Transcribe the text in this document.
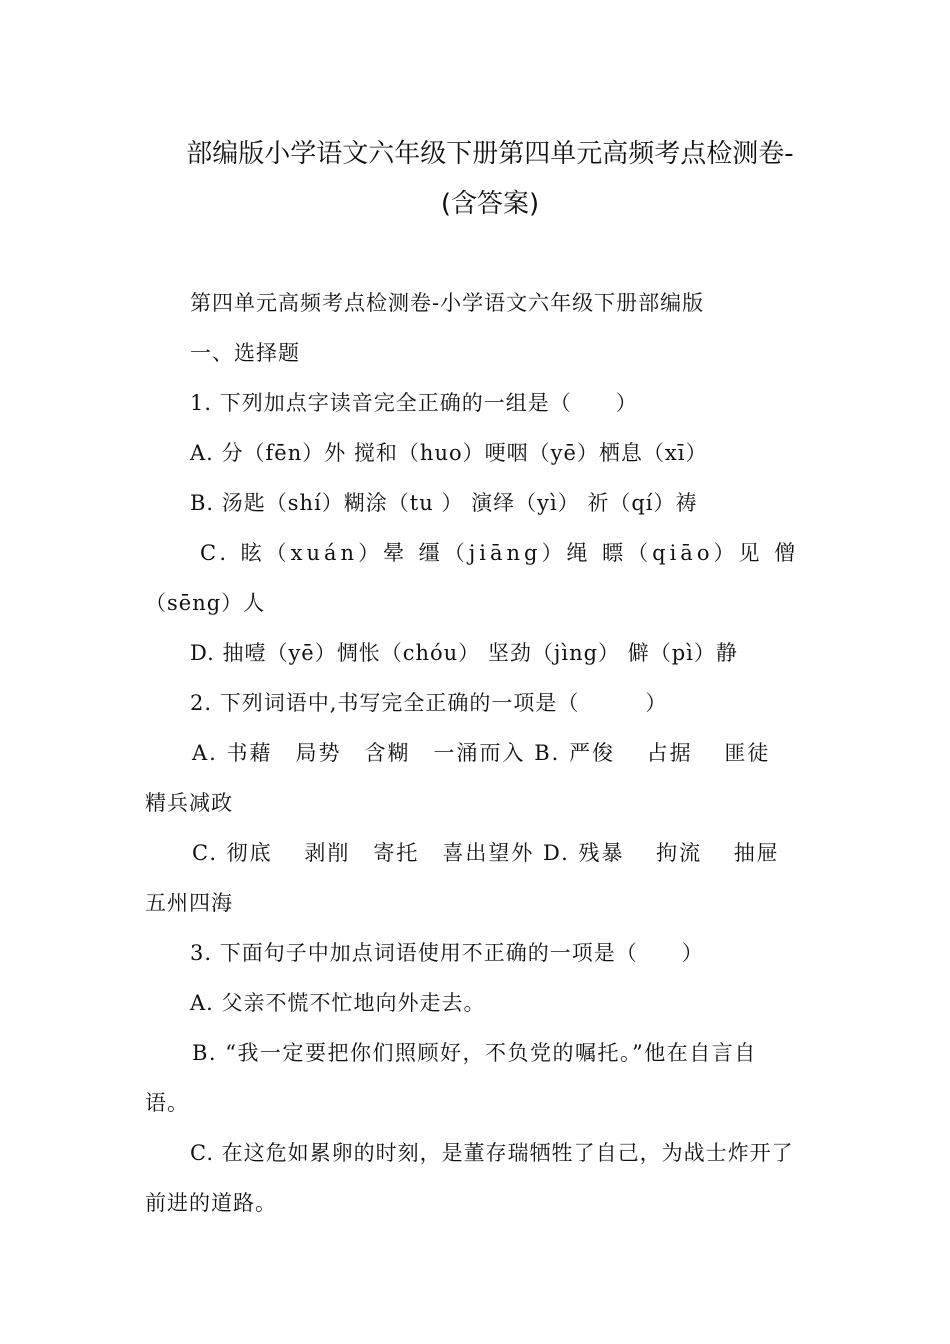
部编版小学语文六年级下册第四单元高频考点检测卷-
(含答案)
第四单元高频考点检测卷-小学语文六年级下册部编版
一、选择题
1. 下列加点字读音完全正确的一组是（　　）
A. 分（fēn）外 搅和（huo）哽咽（yē）栖息（xī）
B. 汤匙（shí）糊涂（tu ） 演绎（yì） 祈（qí）祷
C. 眩（xuán）晕 缰（jiāng）绳 瞟（qiāo）见 僧
（sēng）人
D. 抽噎（yē）惆怅（chóu） 坚劲（jìng） 僻（pì）静
2. 下列词语中,书写完全正确的一项是（　　　）
A. 书藉　局势　含糊　一涌而入 B. 严俊　 占据　 匪徒
精兵减政
C. 彻底　 剥削　寄托　喜出望外 D. 残暴　 拘流　 抽屉
五州四海
3. 下面句子中加点词语使用不正确的一项是（　　）
A. 父亲不慌不忙地向外走去。
B. “我一定要把你们照顾好，不负党的嘱托。”他在自言自
语。
C. 在这危如累卵的时刻，是董存瑞牺牲了自己，为战士炸开了
前进的道路。
